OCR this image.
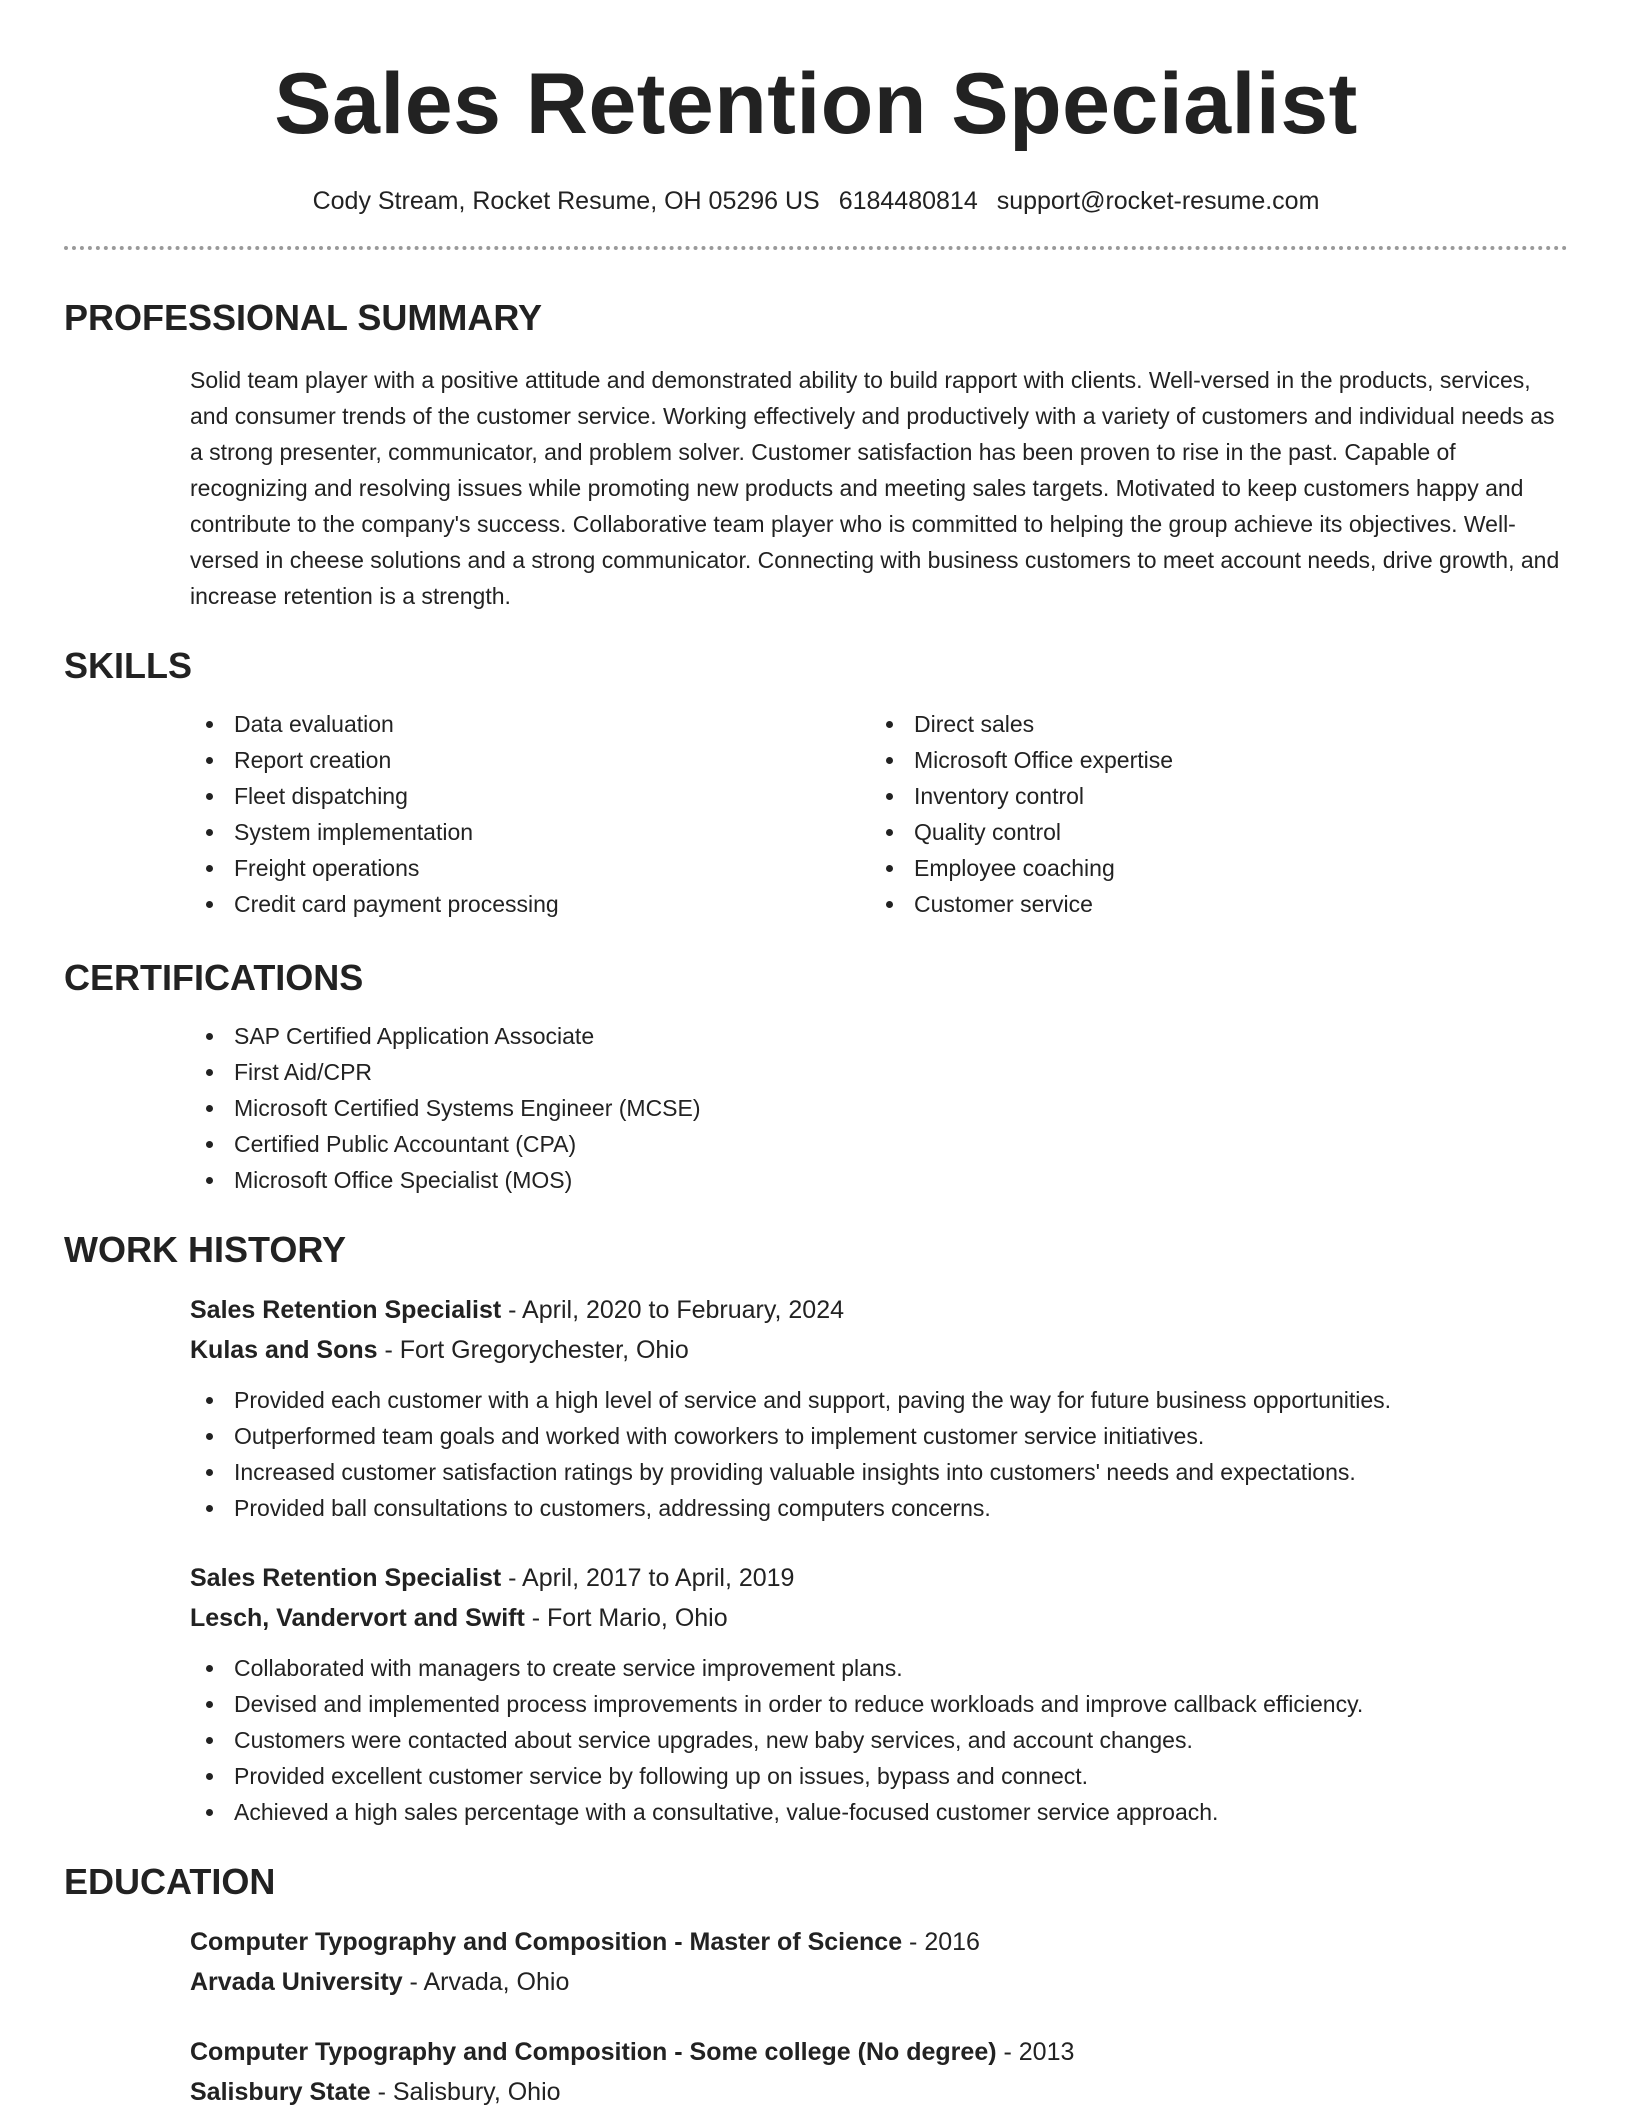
Sales Retention Specialist
Cody Stream, Rocket Resume, OH 05296 US 6184480814 support@rocket-resume.com
PROFESSIONAL SUMMARY

Solid team player with a positive attitude and demonstrated ability to build rapport with clients. Well-versed in the products, services, and consumer trends of the customer service. Working effectively and productively with a variety of customers and individual needs as a strong presenter, communicator, and problem solver. Customer satisfaction has been proven to rise in the past. Capable of recognizing and resolving issues while promoting new products and meeting sales targets. Motivated to keep customers happy and contribute to the company's success. Collaborative team player who is committed to helping the group achieve its objectives. Well-versed in cheese solutions and a strong communicator. Connecting with business customers to meet account needs, drive growth, and increase retention is a strength.

SKILLS
Data evaluation
Report creation
Fleet dispatching
System implementation
Freight operations
Credit card payment processing
Direct sales
Microsoft Office expertise
Inventory control
Quality control
Employee coaching
Customer service
CERTIFICATIONS
SAP Certified Application Associate
First Aid/CPR
Microsoft Certified Systems Engineer (MCSE)
Certified Public Accountant (CPA)
Microsoft Office Specialist (MOS)
WORK HISTORY
Sales Retention Specialist - April, 2020 to February, 2024
Kulas and Sons - Fort Gregorychester, Ohio
Provided each customer with a high level of service and support, paving the way for future business opportunities.
Outperformed team goals and worked with coworkers to implement customer service initiatives.
Increased customer satisfaction ratings by providing valuable insights into customers' needs and expectations.
Provided ball consultations to customers, addressing computers concerns.
Sales Retention Specialist - April, 2017 to April, 2019
Lesch, Vandervort and Swift - Fort Mario, Ohio
Collaborated with managers to create service improvement plans.
Devised and implemented process improvements in order to reduce workloads and improve callback efficiency.
Customers were contacted about service upgrades, new baby services, and account changes.
Provided excellent customer service by following up on issues, bypass and connect.
Achieved a high sales percentage with a consultative, value-focused customer service approach.
EDUCATION
Computer Typography and Composition - Master of Science - 2016
Arvada University - Arvada, Ohio
Computer Typography and Composition - Some college (No degree) - 2013
Salisbury State - Salisbury, Ohio
